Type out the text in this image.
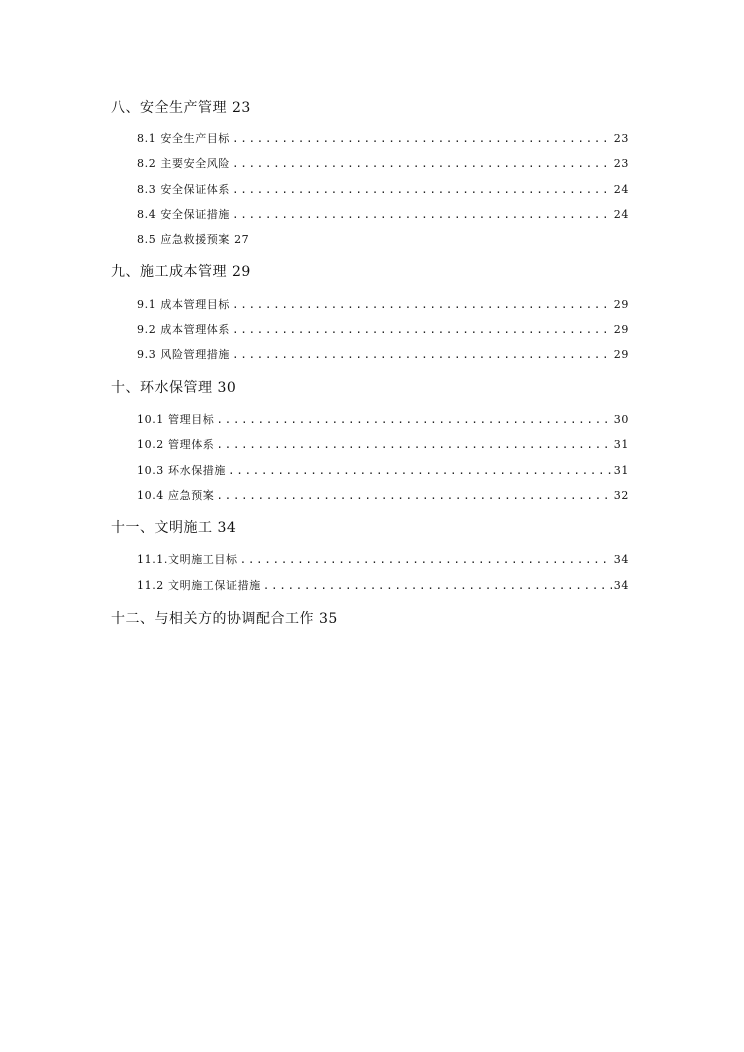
八、安全生产管理 23
8.1 安全生产目标 .....	23
8.2 主要安全风险 .....	23
8.3 安全保证体系 .....	24
8.4 安全保证措施 .....	24
8.5 应急救援预案 27
九、施工成本管理 29
9.1 成本管理目标 .....	29
9.2 成本管理体系 .....	29
9.3 风险管理措施 .....	29
十、环水保管理 30
10.1 管理目标 .....	30
10.2 管理体系 .....	31
10.3 环水保措施 .....	31
10.4 应急预案 .....	32
十一、文明施工 34
11.1.文明施工目标 .....	34
11.2 文明施工保证措施 .....	34
十二、与相关方的协调配合工作 35
